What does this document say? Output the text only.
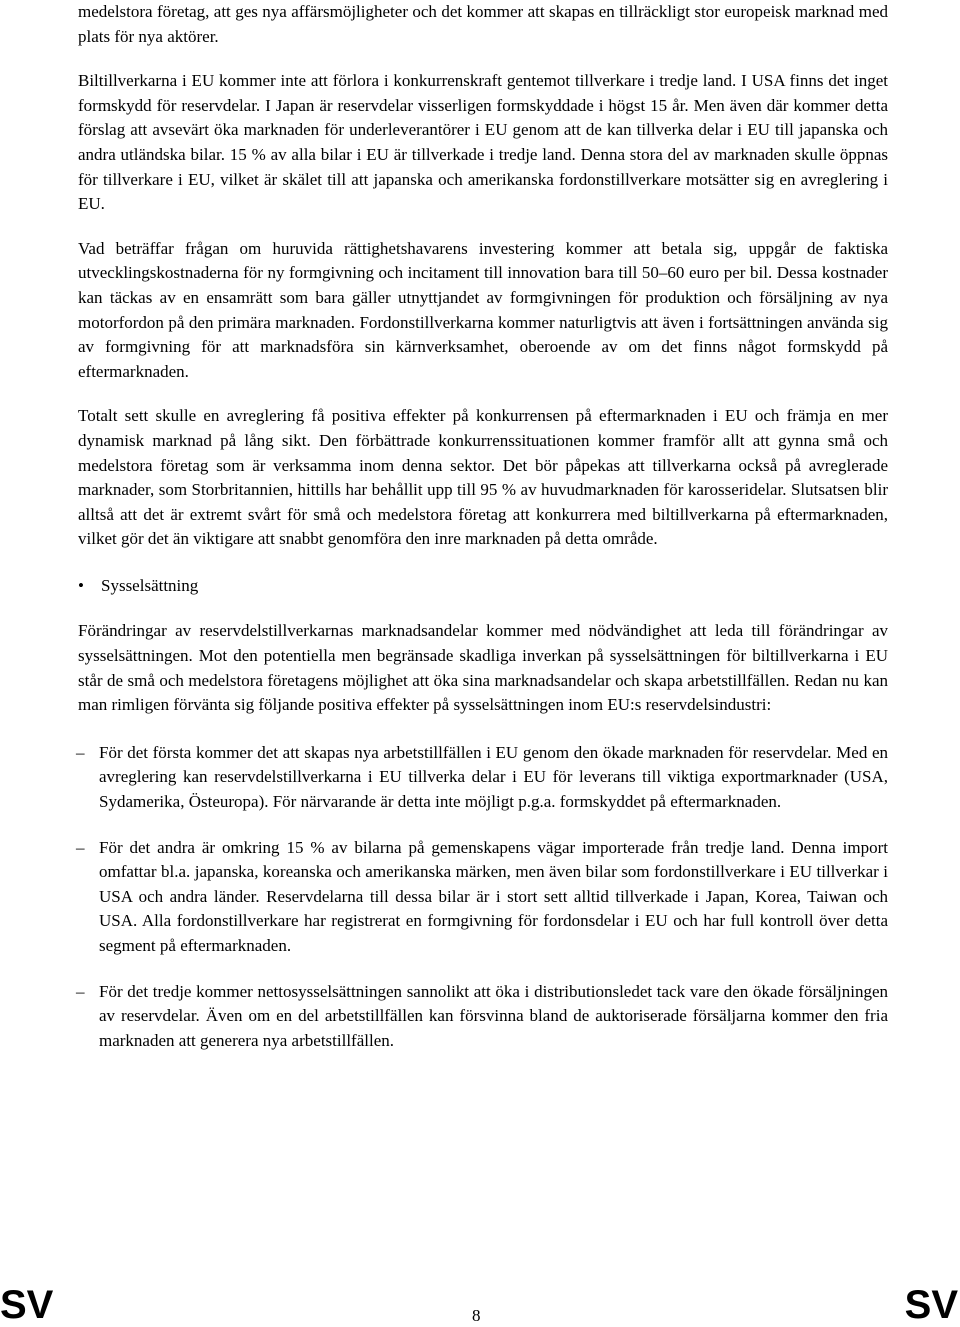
medelstora företag, att ges nya affärsmöjligheter och det kommer att skapas en tillräckligt stor europeisk marknad med plats för nya aktörer.

Biltillverkarna i EU kommer inte att förlora i konkurrenskraft gentemot tillverkare i tredje land. I USA finns det inget formskydd för reservdelar. I Japan är reservdelar visserligen formskyddade i högst 15 år. Men även där kommer detta förslag att avsevärt öka marknaden för underleverantörer i EU genom att de kan tillverka delar i EU till japanska och andra utländska bilar. 15 % av alla bilar i EU är tillverkade i tredje land. Denna stora del av marknaden skulle öppnas för tillverkare i EU, vilket är skälet till att japanska och amerikanska fordonstillverkare motsätter sig en avreglering i EU.

Vad beträffar frågan om huruvida rättighetshavarens investering kommer att betala sig, uppgår de faktiska utvecklingskostnaderna för ny formgivning och incitament till innovation bara till 50–60 euro per bil. Dessa kostnader kan täckas av en ensamrätt som bara gäller utnyttjandet av formgivningen för produktion och försäljning av nya motorfordon på den primära marknaden. Fordonstillverkarna kommer naturligtvis att även i fortsättningen använda sig av formgivning för att marknadsföra sin kärnverksamhet, oberoende av om det finns något formskydd på eftermarknaden.

Totalt sett skulle en avreglering få positiva effekter på konkurrensen på eftermarknaden i EU och främja en mer dynamisk marknad på lång sikt. Den förbättrade konkurrenssituationen kommer framför allt att gynna små och medelstora företag som är verksamma inom denna sektor. Det bör påpekas att tillverkarna också på avreglerade marknader, som Storbritannien, hittills har behållit upp till 95 % av huvudmarknaden för karosseridelar. Slutsatsen blir alltså att det är extremt svårt för små och medelstora företag att konkurrera med biltillverkarna på eftermarknaden, vilket gör det än viktigare att snabbt genomföra den inre marknaden på detta område.

•	Sysselsättning

Förändringar av reservdelstillverkarnas marknadsandelar kommer med nödvändighet att leda till förändringar av sysselsättningen. Mot den potentiella men begränsade skadliga inverkan på sysselsättningen för biltillverkarna i EU står de små och medelstora företagens möjlighet att öka sina marknadsandelar och skapa arbetstillfällen. Redan nu kan man rimligen förvänta sig följande positiva effekter på sysselsättningen inom EU:s reservdelsindustri:

– För det första kommer det att skapas nya arbetstillfällen i EU genom den ökade marknaden för reservdelar. Med en avreglering kan reservdelstillverkarna i EU tillverka delar i EU för leverans till viktiga exportmarknader (USA, Sydamerika, Östeuropa). För närvarande är detta inte möjligt p.g.a. formskyddet på eftermarknaden.

– För det andra är omkring 15 % av bilarna på gemenskapens vägar importerade från tredje land. Denna import omfattar bl.a. japanska, koreanska och amerikanska märken, men även bilar som fordonstillverkare i EU tillverkar i USA och andra länder. Reservdelarna till dessa bilar är i stort sett alltid tillverkade i Japan, Korea, Taiwan och USA. Alla fordonstillverkare har registrerat en formgivning för fordonsdelar i EU och har full kontroll över detta segment på eftermarknaden.

– För det tredje kommer nettosysselsättningen sannolikt att öka i distributionsledet tack vare den ökade försäljningen av reservdelar. Även om en del arbetstillfällen kan försvinna bland de auktoriserade försäljarna kommer den fria marknaden att generera nya arbetstillfällen.

SV	8	SV
